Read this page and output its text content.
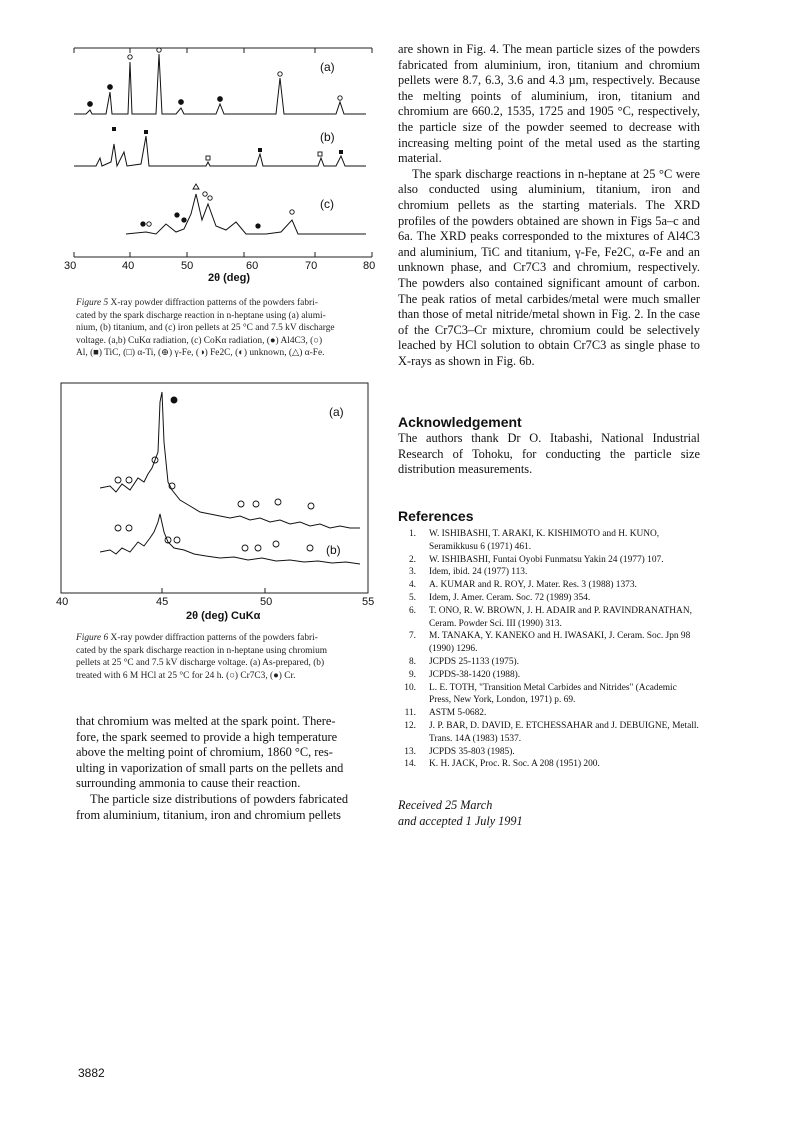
(a)
(b)
(c)
30	40	50	60	70	80
2θ (deg)
Figure 5 X-ray powder diffraction patterns of the powders fabri-
cated by the spark discharge reaction in n-heptane using (a) alumi-
nium, (b) titanium, and (c) iron pellets at 25 °C and 7.5 kV discharge
voltage. (a,b) CuKα radiation, (c) CoKα radiation, (●) Al4C3, (○)
Al, (■) TiC, (□) α-Ti, (⊕) γ-Fe, (◑) Fe2C, (◐) unknown, (△) α-Fe.
(a)
(b)
40	45	50	55
2θ (deg) CuKα
Figure 6 X-ray powder diffraction patterns of the powders fabri-
cated by the spark discharge reaction in n-heptane using chromium
pellets at 25 °C and 7.5 kV discharge voltage. (a) As-prepared, (b)
treated with 6 M HCl at 25 °C for 24 h. (○) Cr7C3, (●) Cr.

that chromium was melted at the spark point. There-

fore, the spark seemed to provide a high temperature

above the melting point of chromium, 1860 °C, res-

ulting in vaporization of small parts on the pellets and

surrounding ammonia to cause their reaction.

The particle size distributions of powders fabricated

from aluminium, titanium, iron and chromium pellets

are shown in Fig. 4. The mean particle sizes of the powders fabricated from aluminium, iron, titanium and chromium pellets were 8.7, 6.3, 3.6 and 4.3 µm, respectively. Because the melting points of aluminium, iron, titanium and chromium are 660.2, 1535, 1725 and 1905 °C, respectively, the particle size of the powder seemed to decrease with increasing melting point of the metal used as the starting material.

The spark discharge reactions in n-heptane at 25 °C were also conducted using aluminium, titanium, iron and chromium pellets as the starting materials. The XRD profiles of the powders obtained are shown in Figs 5a–c and 6a. The XRD peaks corresponded to the mixtures of Al4C3 and aluminium, TiC and titanium, γ-Fe, Fe2C, α-Fe and an unknown phase, and Cr7C3 and chromium, respectively. The powders also contained significant amount of carbon. The peak ratios of metal carbides/metal were much smaller than those of metal nitride/metal shown in Fig. 2. In the case of the Cr7C3–Cr mixture, chromium could be selectively leached by HCl solution to obtain Cr7C3 as single phase to X-rays as shown in Fig. 6b.

Acknowledgement
The authors thank Dr O. Itabashi, National Industrial Research of Tohoku, for conducting the particle size distribution measurements.
References
1. W. ISHIBASHI, T. ARAKI, K. KISHIMOTO and H. KUNO, Seramikkusu 6 (1971) 461.
2. W. ISHIBASHI, Funtai Oyobi Funmatsu Yakin 24 (1977) 107.
3. Idem, ibid. 24 (1977) 113.
4. A. KUMAR and R. ROY, J. Mater. Res. 3 (1988) 1373.
5. Idem, J. Amer. Ceram. Soc. 72 (1989) 354.
6. T. ONO, R. W. BROWN, J. H. ADAIR and P. RAVINDRANATHAN, Ceram. Powder Sci. III (1990) 313.
7. M. TANAKA, Y. KANEKO and H. IWASAKI, J. Ceram. Soc. Jpn 98 (1990) 1296.
8. JCPDS 25-1133 (1975).
9. JCPDS-38-1420 (1988).
10. L. E. TOTH, "Transition Metal Carbides and Nitrides" (Academic Press, New York, London, 1971) p. 69.
11. ASTM 5-0682.
12. J. P. BAR, D. DAVID, E. ETCHESSAHAR and J. DEBUIGNE, Metall. Trans. 14A (1983) 1537.
13. JCPDS 35-803 (1985).
14. K. H. JACK, Proc. R. Soc. A 208 (1951) 200.
Received 25 March
and accepted 1 July 1991
3882
